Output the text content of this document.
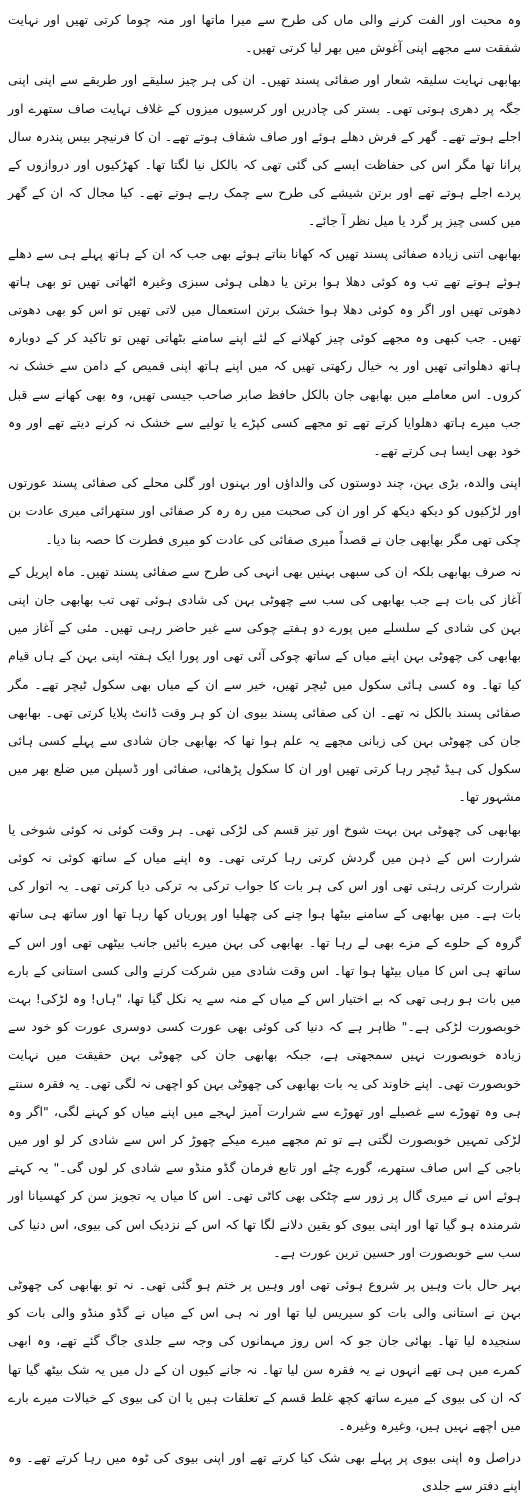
وہ محبت اور الفت کرنے والی ماں کی طرح سے میرا ماتھا اور منہ چوما کرتی تھیں اور نہایت شفقت سے مجھے اپنی آغوش میں بھر لیا کرتی تھیں۔

بھابھی نہایت سلیقہ شعار اور صفائی پسند تھیں۔ ان کی ہر چیز سلیقے اور طریقے سے اپنی اپنی جگہ پر دھری ہوتی تھی۔ بستر کی چادریں اور کرسیوں میزوں کے غلاف نہایت صاف ستھرے اور اجلے ہوتے تھے۔ گھر کے فرش دھلے ہوئے اور صاف شفاف ہوتے تھے۔ ان کا فرنیچر بیس پندرہ سال پرانا تھا مگر اس کی حفاظت ایسے کی گئی تھی کہ بالکل نیا لگتا تھا۔ کھڑکیوں اور دروازوں کے پردے اجلے ہوتے تھے اور برتن شیشے کی طرح سے چمک رہے ہوتے تھے۔ کیا مجال کہ ان کے گھر میں کسی چیز پر گرد یا میل نظر آ جائے۔

بھابھی اتنی زیادہ صفائی پسند تھیں کہ کھانا بناتے ہوئے بھی جب کہ ان کے ہاتھ پہلے ہی سے دھلے ہوئے ہوتے تھے تب وہ کوئی دھلا ہوا برتن یا دھلی ہوئی سبزی وغیرہ اٹھاتی تھیں تو بھی ہاتھ دھوتی تھیں اور اگر وہ کوئی دھلا ہوا خشک برتن استعمال میں لاتی تھیں تو اس کو بھی دھوتی تھیں۔ جب کبھی وہ مجھے کوئی چیز کھلانے کے لئے اپنے سامنے بٹھاتی تھیں تو تاکید کر کے دوبارہ ہاتھ دھلواتی تھیں اور یہ خیال رکھتی تھیں کہ میں اپنے ہاتھ اپنی قمیص کے دامن سے خشک نہ کروں۔ اس معاملے میں بھابھی جان بالکل حافظ صابر صاحب جیسی تھیں، وہ بھی کھانے سے قبل جب میرے ہاتھ دھلوایا کرتے تھے تو مجھے کسی کپڑے یا تولیے سے خشک نہ کرنے دیتے تھے اور وہ خود بھی ایسا ہی کرتے تھے۔

اپنی والدہ، بڑی بہن، چند دوستوں کی والداؤں اور بہنوں اور گلی محلے کی صفائی پسند عورتوں اور لڑکیوں کو دیکھ دیکھ کر اور ان کی صحبت میں رہ رہ کر صفائی اور ستھرائی میری عادت بن چکی تھی مگر بھابھی جان نے قصداً میری صفائی کی عادت کو میری فطرت کا حصہ بنا دیا۔

نہ صرف بھابھی بلکہ ان کی سبھی بہنیں بھی انہی کی طرح سے صفائی پسند تھیں۔ ماہ اپریل کے آغاز کی بات ہے جب بھابھی کی سب سے چھوٹی بہن کی شادی ہوئی تھی تب بھابھی جان اپنی بہن کی شادی کے سلسلے میں پورے دو ہفتے چوکی سے غیر حاضر رہی تھیں۔ مئی کے آغاز میں بھابھی کی چھوٹی بہن اپنے میاں کے ساتھ چوکی آئی تھی اور پورا ایک ہفتہ اپنی بہن کے ہاں قیام کیا تھا۔ وہ کسی ہائی سکول میں ٹیچر تھیں، خیر سے ان کے میاں بھی سکول ٹیچر تھے۔ مگر صفائی پسند بالکل نہ تھے۔ ان کی صفائی پسند بیوی ان کو ہر وقت ڈانٹ پلایا کرتی تھی۔ بھابھی جان کی چھوٹی بہن کی زبانی مجھے یہ علم ہوا تھا کہ بھابھی جان شادی سے پہلے کسی ہائی سکول کی ہیڈ ٹیچر رہا کرتی تھیں اور ان کا سکول پڑھائی، صفائی اور ڈسپلن میں ضلع بھر میں مشہور تھا۔

بھابھی کی چھوٹی بہن بہت شوخ اور تیز قسم کی لڑکی تھی۔ ہر وقت کوئی نہ کوئی شوخی یا شرارت اس کے ذہن میں گردش کرتی رہا کرتی تھی۔ وہ اپنے میاں کے ساتھ کوئی نہ کوئی شرارت کرتی رہتی تھی اور اس کی ہر بات کا جواب ترکی بہ ترکی دیا کرتی تھی۔ یہ اتوار کی بات ہے۔ میں بھابھی کے سامنے بیٹھا ہوا چنے کی چھلیا اور پوریاں کھا رہا تھا اور ساتھ ہی ساتھ گروہ کے حلوے کے مزے بھی لے رہا تھا۔ بھابھی کی بہن میرے بائیں جانب بیٹھی تھی اور اس کے ساتھ ہی اس کا میاں بیٹھا ہوا تھا۔ اس وقت شادی میں شرکت کرنے والی کسی استانی کے بارے میں بات ہو رہی تھی کہ بے اختیار اس کے میاں کے منہ سے یہ نکل گیا تھا، "ہاں! وہ لڑکی! بہت خوبصورت لڑکی ہے۔" ظاہر ہے کہ دنیا کی کوئی بھی عورت کسی دوسری عورت کو خود سے زیادہ خوبصورت نہیں سمجھتی ہے، جبکہ بھابھی جان کی چھوٹی بہن حقیقت میں نہایت خوبصورت تھی۔ اپنے خاوند کی یہ بات بھابھی کی چھوٹی بہن کو اچھی نہ لگی تھی۔ یہ فقرہ سنتے ہی وہ تھوڑے سے غصیلے اور تھوڑے سے شرارت آمیز لہجے میں اپنے میاں کو کہنے لگی، "اگر وہ لڑکی تمہیں خوبصورت لگتی ہے تو تم مجھے میرے میکے چھوڑ کر اس سے شادی کر لو اور میں باجی کے اس صاف ستھرے، گورے چٹے اور تابع فرمان گڈو منڈو سے شادی کر لوں گی۔" یہ کہتے ہوئے اس نے میری گال پر زور سے چٹکی بھی کاٹی تھی۔ اس کا میاں یہ تجویز سن کر کھسیانا اور شرمندہ ہو گیا تھا اور اپنی بیوی کو یقین دلانے لگا تھا کہ اس کے نزدیک اس کی بیوی، اس دنیا کی سب سے خوبصورت اور حسین ترین عورت ہے۔

بہر حال بات وہیں پر شروع ہوئی تھی اور وہیں پر ختم ہو گئی تھی۔ نہ تو بھابھی کی چھوٹی بہن نے استانی والی بات کو سیریس لیا تھا اور نہ ہی اس کے میاں نے گڈو منڈو والی بات کو سنجیدہ لیا تھا۔ بھائی جان جو کہ اس روز مہمانوں کی وجہ سے جلدی جاگ گئے تھے، وہ ابھی کمرے میں ہی تھے انہوں نے یہ فقرہ سن لیا تھا۔ نہ جانے کیوں ان کے دل میں یہ شک بیٹھ گیا تھا کہ ان کی بیوی کے میرے ساتھ کچھ غلط قسم کے تعلقات ہیں یا ان کی بیوی کے خیالات میرے بارے میں اچھے نہیں ہیں، وغیرہ وغیرہ۔

دراصل وہ اپنی بیوی پر پہلے بھی شک کیا کرتے تھے اور اپنی بیوی کی ٹوہ میں رہا کرتے تھے۔ وہ اپنے دفتر سے جلدی
